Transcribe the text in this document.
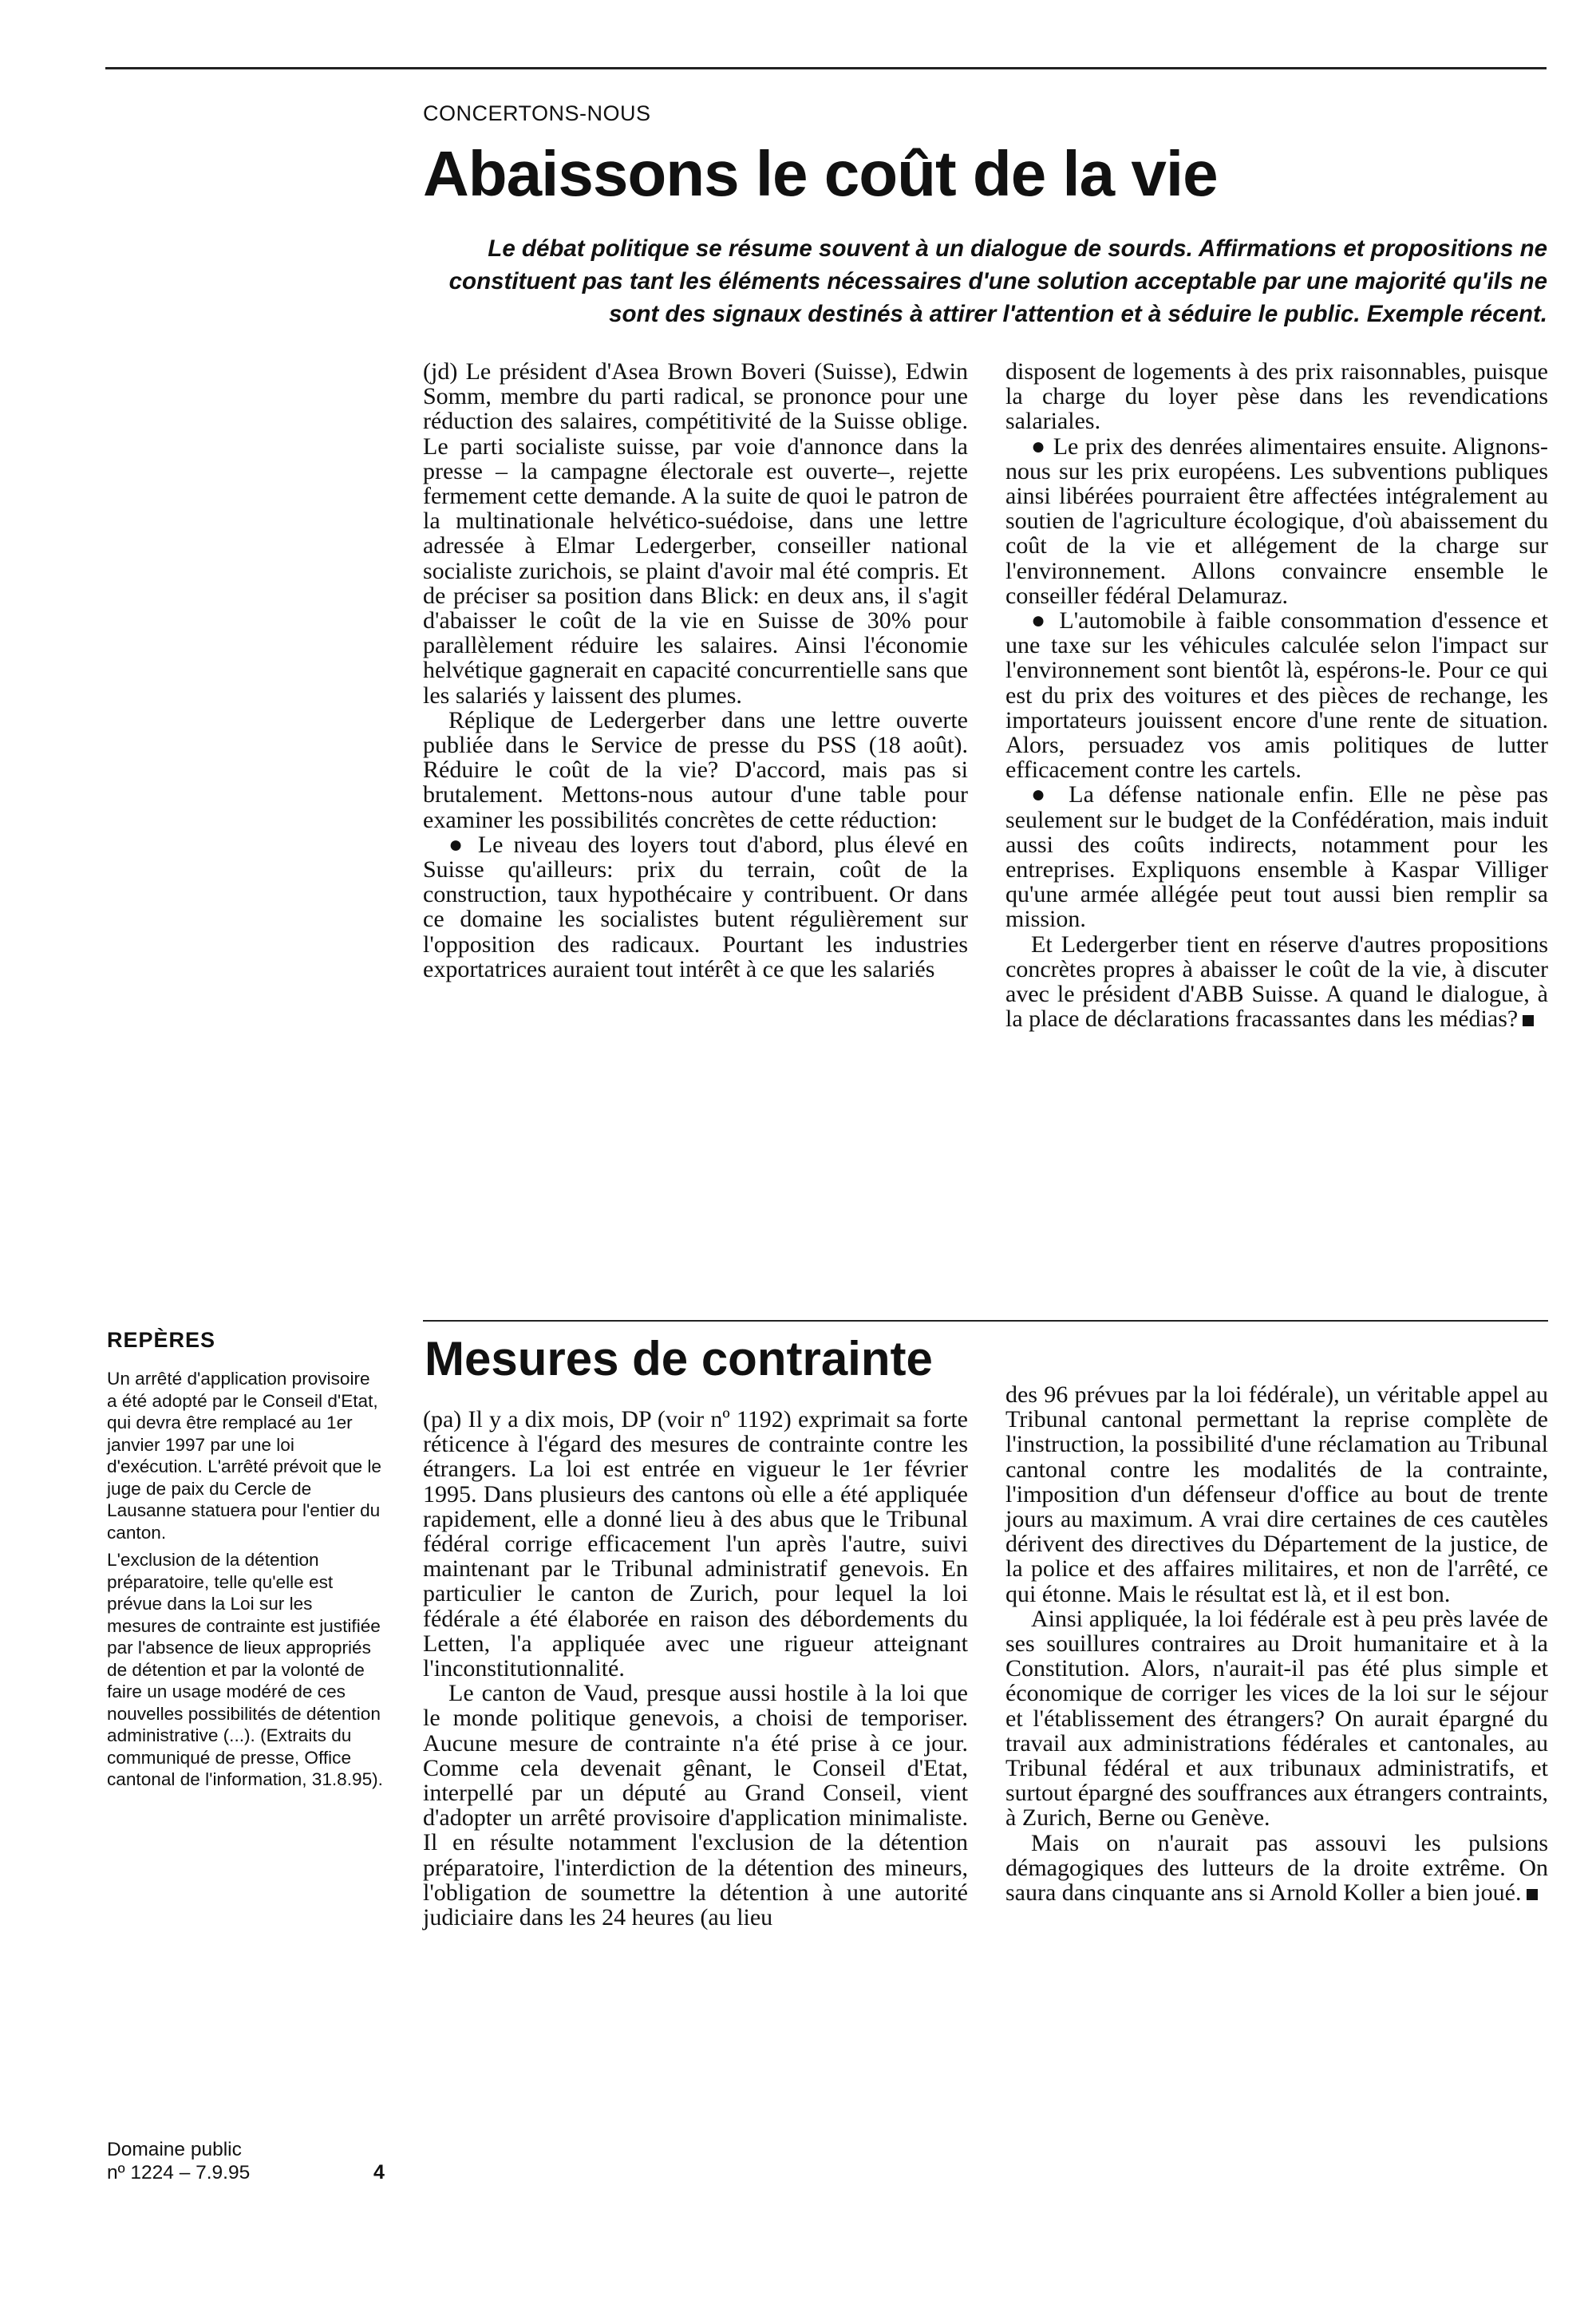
CONCERTONS-NOUS
Abaissons le coût de la vie

Le débat politique se résume souvent à un dialogue de sourds. Affirmations et propositions ne constituent pas tant les éléments nécessaires d'une solution acceptable par une majorité qu'ils ne sont des signaux destinés à attirer l'attention et à séduire le public. Exemple récent.

(jd) Le président d'Asea Brown Boveri (Suisse), Edwin Somm, membre du parti radical, se prononce pour une réduction des salaires, compétitivité de la Suisse oblige. Le parti socialiste suisse, par voie d'annonce dans la presse – la campagne électorale est ouverte–, rejette fermement cette demande. A la suite de quoi le patron de la multinationale helvético-suédoise, dans une lettre adressée à Elmar Ledergerber, conseiller national socialiste zurichois, se plaint d'avoir mal été compris. Et de préciser sa position dans Blick: en deux ans, il s'agit d'abaisser le coût de la vie en Suisse de 30% pour parallèlement réduire les salaires. Ainsi l'économie helvétique gagnerait en capacité concurrentielle sans que les salariés y laissent des plumes.

Réplique de Ledergerber dans une lettre ouverte publiée dans le Service de presse du PSS (18 août). Réduire le coût de la vie? D'accord, mais pas si brutalement. Mettons-nous autour d'une table pour examiner les possibilités concrètes de cette réduction:

● Le niveau des loyers tout d'abord, plus élevé en Suisse qu'ailleurs: prix du terrain, coût de la construction, taux hypothécaire y contribuent. Or dans ce domaine les socialistes butent régulièrement sur l'opposition des radicaux. Pourtant les industries exportatrices auraient tout intérêt à ce que les salariés

disposent de logements à des prix raisonnables, puisque la charge du loyer pèse dans les revendications salariales.

● Le prix des denrées alimentaires ensuite. Alignons-nous sur les prix européens. Les subventions publiques ainsi libérées pourraient être affectées intégralement au soutien de l'agriculture écologique, d'où abaissement du coût de la vie et allégement de la charge sur l'environnement. Allons convaincre ensemble le conseiller fédéral Delamuraz.

● L'automobile à faible consommation d'essence et une taxe sur les véhicules calculée selon l'impact sur l'environnement sont bientôt là, espérons-le. Pour ce qui est du prix des voitures et des pièces de rechange, les importateurs jouissent encore d'une rente de situation. Alors, persuadez vos amis politiques de lutter efficacement contre les cartels.

● La défense nationale enfin. Elle ne pèse pas seulement sur le budget de la Confédération, mais induit aussi des coûts indirects, notamment pour les entreprises. Expliquons ensemble à Kaspar Villiger qu'une armée allégée peut tout aussi bien remplir sa mission.

Et Ledergerber tient en réserve d'autres propositions concrètes propres à abaisser le coût de la vie, à discuter avec le président d'ABB Suisse. A quand le dialogue, à la place de déclarations fracassantes dans les médias?

REPÈRES

Un arrêté d'application provisoire a été adopté par le Conseil d'Etat, qui devra être remplacé au 1er janvier 1997 par une loi d'exécution. L'arrêté prévoit que le juge de paix du Cercle de Lausanne statuera pour l'entier du canton.

L'exclusion de la détention préparatoire, telle qu'elle est prévue dans la Loi sur les mesures de contrainte est justifiée par l'absence de lieux appropriés de détention et par la volonté de faire un usage modéré de ces nouvelles possibilités de détention administrative (...). (Extraits du communiqué de presse, Office cantonal de l'information, 31.8.95).

Mesures de contrainte

(pa) Il y a dix mois, DP (voir nº 1192) exprimait sa forte réticence à l'égard des mesures de contrainte contre les étrangers. La loi est entrée en vigueur le 1er février 1995. Dans plusieurs des cantons où elle a été appliquée rapidement, elle a donné lieu à des abus que le Tribunal fédéral corrige efficacement l'un après l'autre, suivi maintenant par le Tribunal administratif genevois. En particulier le canton de Zurich, pour lequel la loi fédérale a été élaborée en raison des débordements du Letten, l'a appliquée avec une rigueur atteignant l'inconstitutionnalité.

Le canton de Vaud, presque aussi hostile à la loi que le monde politique genevois, a choisi de temporiser. Aucune mesure de contrainte n'a été prise à ce jour. Comme cela devenait gênant, le Conseil d'Etat, interpellé par un député au Grand Conseil, vient d'adopter un arrêté provisoire d'application minimaliste. Il en résulte notamment l'exclusion de la détention préparatoire, l'interdiction de la détention des mineurs, l'obligation de soumettre la détention à une autorité judiciaire dans les 24 heures (au lieu

des 96 prévues par la loi fédérale), un véritable appel au Tribunal cantonal permettant la reprise complète de l'instruction, la possibilité d'une réclamation au Tribunal cantonal contre les modalités de la contrainte, l'imposition d'un défenseur d'office au bout de trente jours au maximum. A vrai dire certaines de ces cautèles dérivent des directives du Département de la justice, de la police et des affaires militaires, et non de l'arrêté, ce qui étonne. Mais le résultat est là, et il est bon.

Ainsi appliquée, la loi fédérale est à peu près lavée de ses souillures contraires au Droit humanitaire et à la Constitution. Alors, n'aurait-il pas été plus simple et économique de corriger les vices de la loi sur le séjour et l'établissement des étrangers? On aurait épargné du travail aux administrations fédérales et cantonales, au Tribunal fédéral et aux tribunaux administratifs, et surtout épargné des souffrances aux étrangers contraints, à Zurich, Berne ou Genève.

Mais on n'aurait pas assouvi les pulsions démagogiques des lutteurs de la droite extrême. On saura dans cinquante ans si Arnold Koller a bien joué.

Domaine public
nº 1224 – 7.9.95	4
